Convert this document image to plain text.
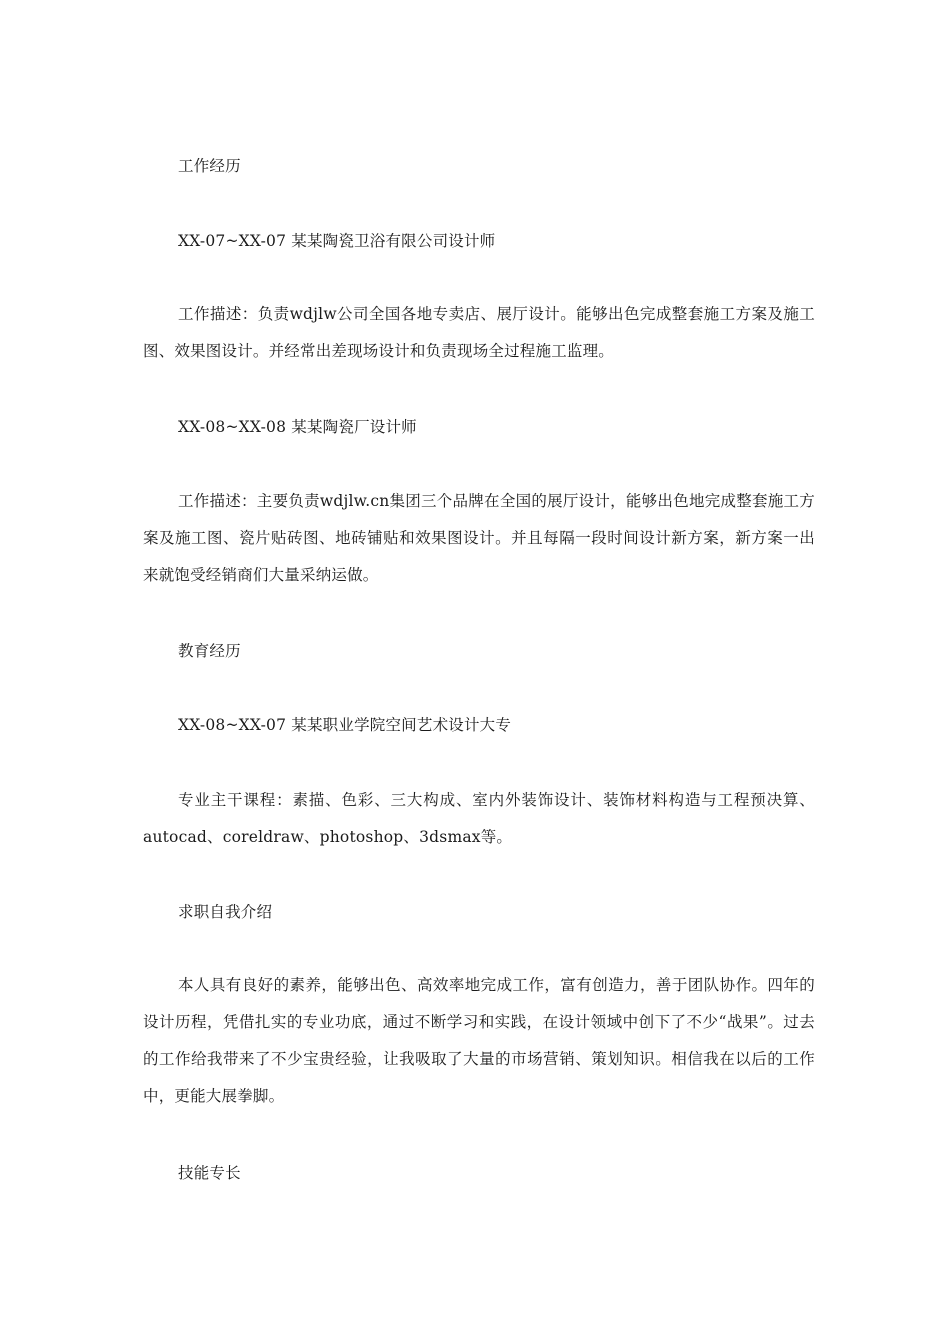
工作经历

XX-07~XX-07 某某陶瓷卫浴有限公司设计师

工作描述：负责wdjlw公司全国各地专卖店、展厅设计。能够出色完成整套施工方案及施工图、效果图设计。并经常出差现场设计和负责现场全过程施工监理。

XX-08~XX-08 某某陶瓷厂设计师

工作描述：主要负责wdjlw.cn集团三个品牌在全国的展厅设计，能够出色地完成整套施工方案及施工图、瓷片贴砖图、地砖铺贴和效果图设计。并且每隔一段时间设计新方案，新方案一出来就饱受经销商们大量采纳运做。

教育经历

XX-08~XX-07 某某职业学院空间艺术设计大专

专业主干课程：素描、色彩、三大构成、室内外装饰设计、装饰材料构造与工程预决算、autocad、coreldraw、photoshop、3dsmax等。

求职自我介绍

本人具有良好的素养，能够出色、高效率地完成工作，富有创造力，善于团队协作。四年的设计历程，凭借扎实的专业功底，通过不断学习和实践，在设计领域中创下了不少“战果”。过去的工作给我带来了不少宝贵经验，让我吸取了大量的市场营销、策划知识。相信我在以后的工作中，更能大展拳脚。

技能专长
